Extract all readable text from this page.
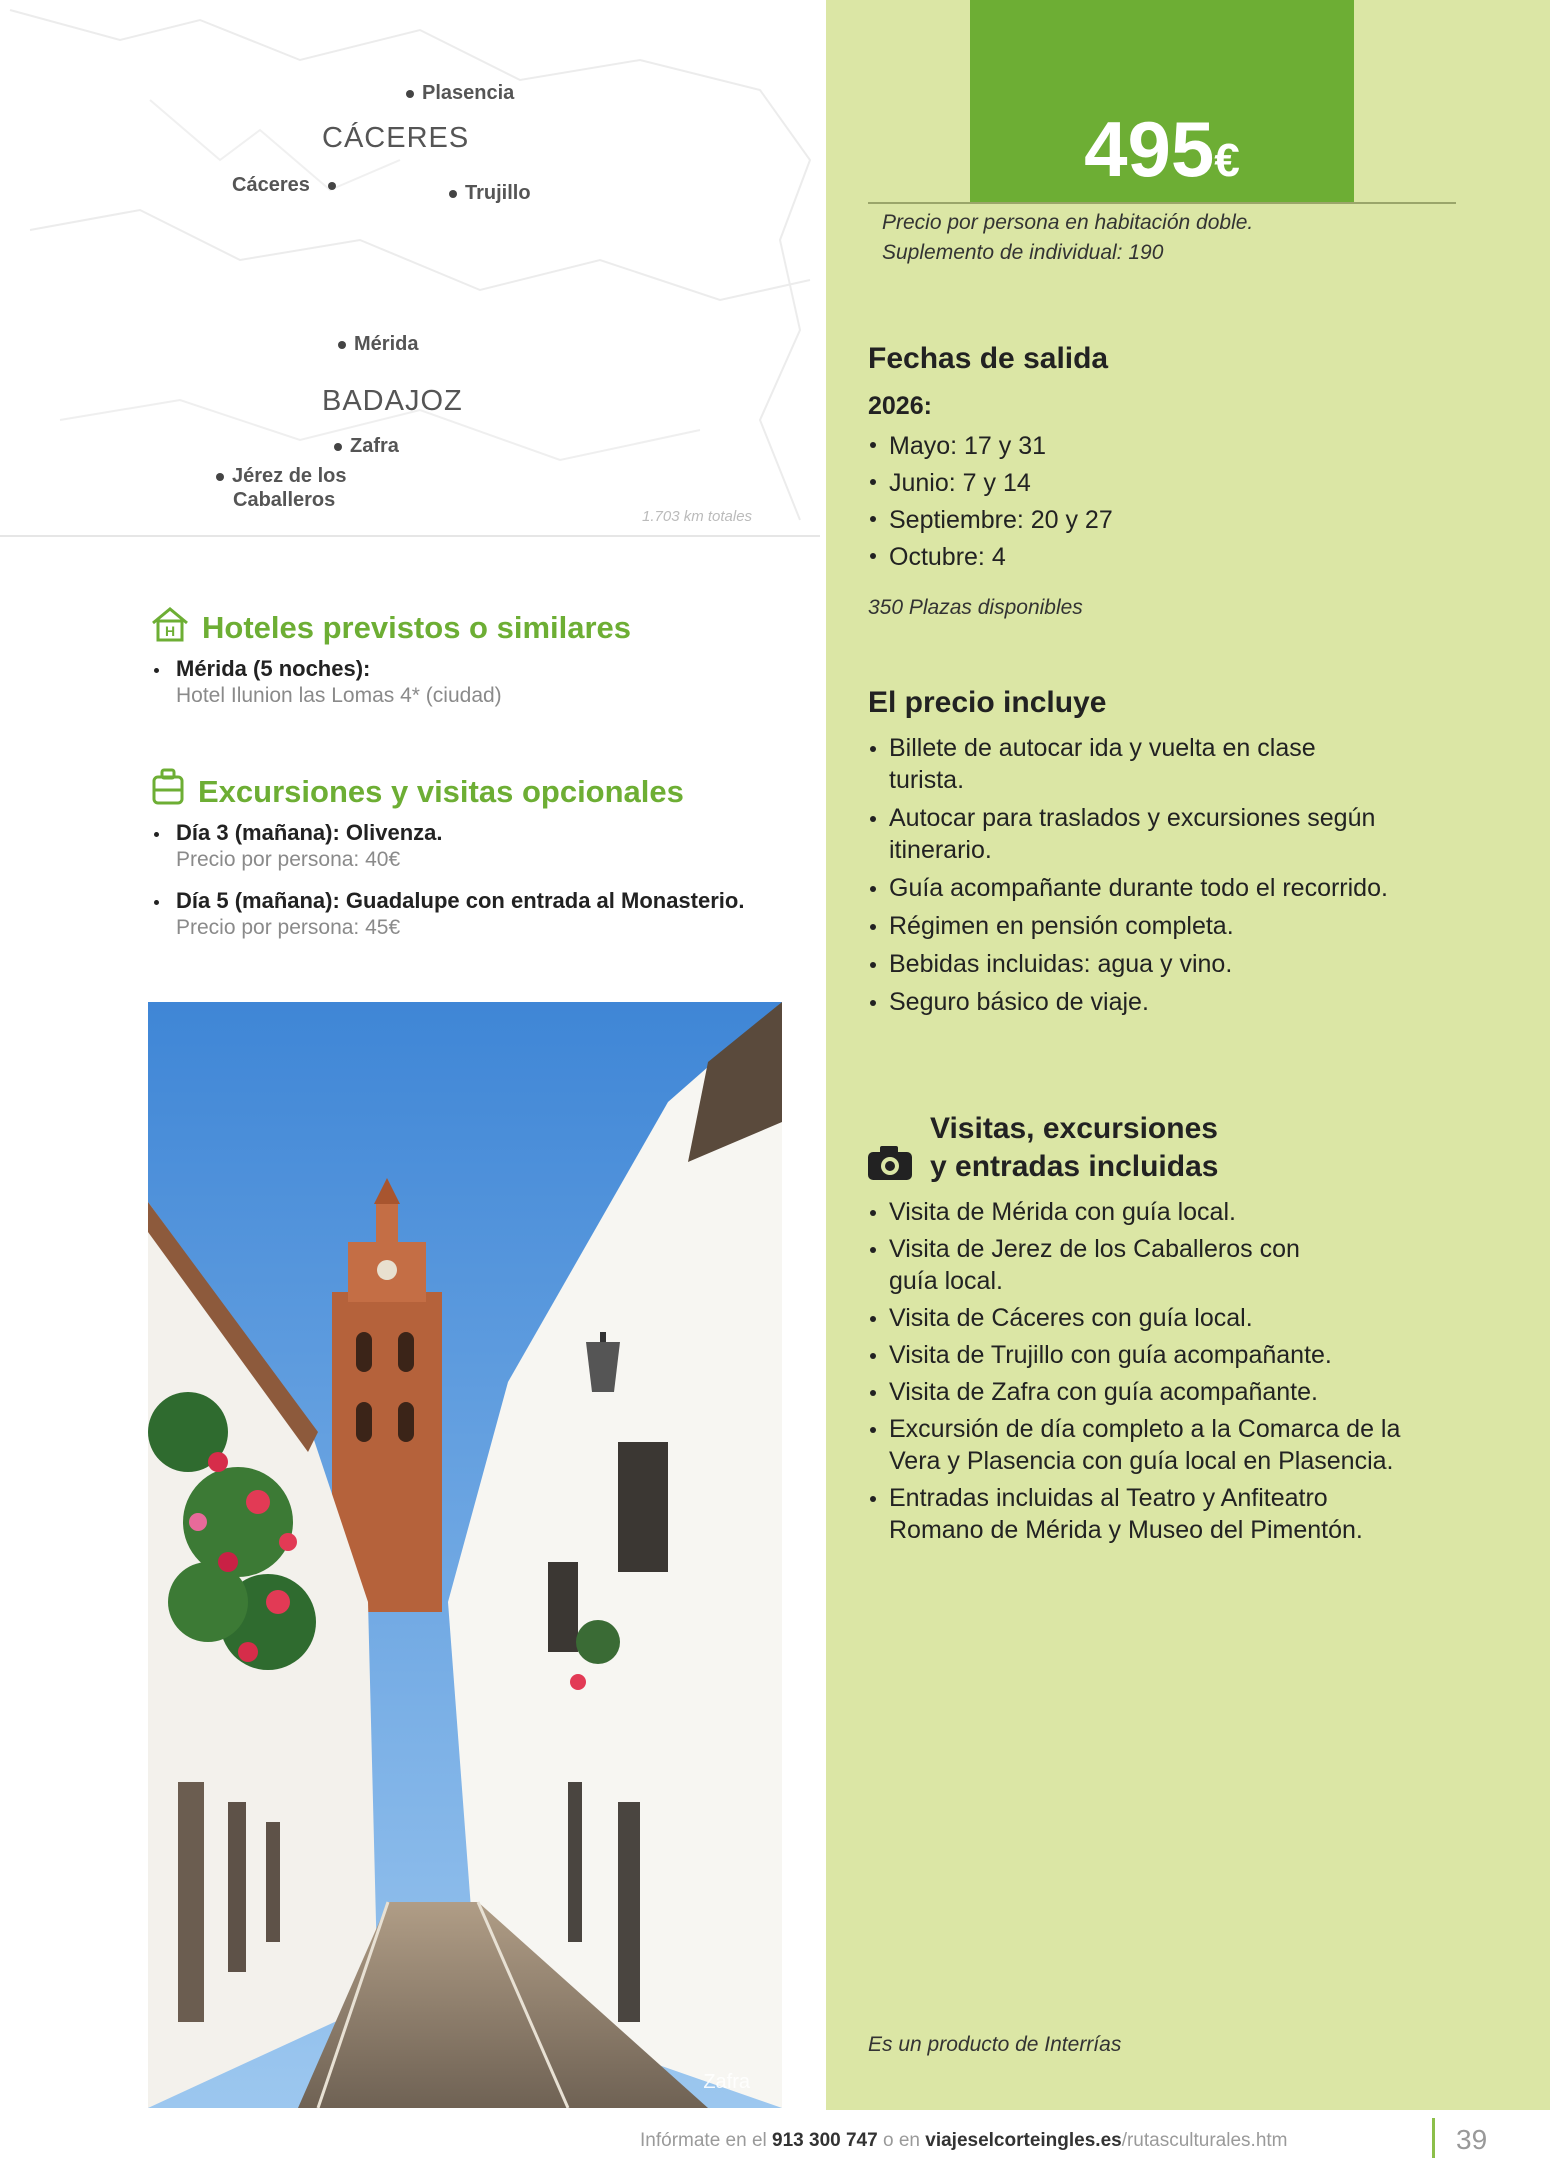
Plasencia
CÁCERES
Cáceres	Trujillo
Mérida
BADAJOZ
Zafra
Jérez de los
Caballeros
1.703 km totales
495€
Precio por persona en habitación doble.
Suplemento de individual: 190
Fechas de salida
2026:
Mayo: 17 y 31
Junio: 7 y 14
Septiembre: 20 y 27
Octubre: 4
350 Plazas disponibles
El precio incluye
Billete de autocar ida y vuelta en clase turista.
Autocar para traslados y excursiones según itinerario.
Guía acompañante durante todo el recorrido.
Régimen en pensión completa.
Bebidas incluidas: agua y vino.
Seguro básico de viaje.
Visitas, excursiones
y entradas incluidas
Visita de Mérida con guía local.
Visita de Jerez de los Caballeros con guía local.
Visita de Cáceres con guía local.
Visita de Trujillo con guía acompañante.
Visita de Zafra con guía acompañante.
Excursión de día completo a la Comarca de la Vera y Plasencia con guía local en Plasencia.
Entradas incluidas al Teatro y Anfiteatro Romano de Mérida y Museo del Pimentón.
Es un producto de Interrías
H Hoteles previstos o similares
Mérida (5 noches):
Hotel Ilunion las Lomas 4* (ciudad)
Excursiones y visitas opcionales
Día 3 (mañana): Olivenza.
Precio por persona: 40€
Día 5 (mañana): Guadalupe con entrada al Monasterio.
Precio por persona: 45€
Zafra
Infórmate en el 913 300 747 o en viajeselcorteingles.es/rutasculturales.htm	39
